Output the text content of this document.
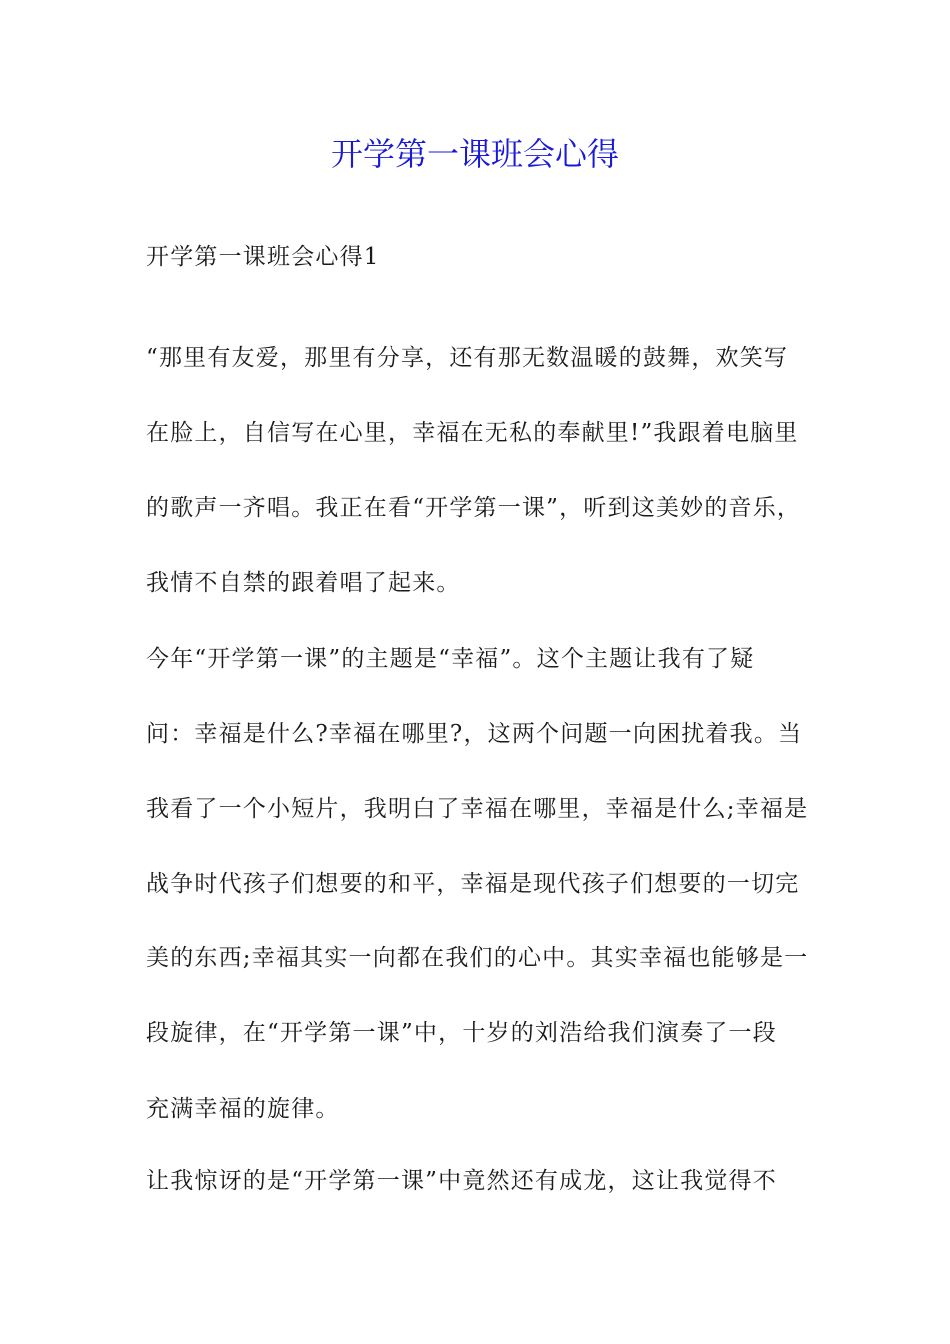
开学第一课班会心得
开学第一课班会心得1
“那里有友爱，那里有分享，还有那无数温暖的鼓舞，欢笑写
在脸上，自信写在心里，幸福在无私的奉献里!”我跟着电脑里
的歌声一齐唱。我正在看“开学第一课”，听到这美妙的音乐，
我情不自禁的跟着唱了起来。
今年“开学第一课”的主题是“幸福”。这个主题让我有了疑
问：幸福是什么?幸福在哪里?，这两个问题一向困扰着我。当
我看了一个小短片，我明白了幸福在哪里，幸福是什么;幸福是
战争时代孩子们想要的和平，幸福是现代孩子们想要的一切完
美的东西;幸福其实一向都在我们的心中。其实幸福也能够是一
段旋律，在“开学第一课”中，十岁的刘浩给我们演奏了一段
充满幸福的旋律。
让我惊讶的是“开学第一课”中竟然还有成龙，这让我觉得不
